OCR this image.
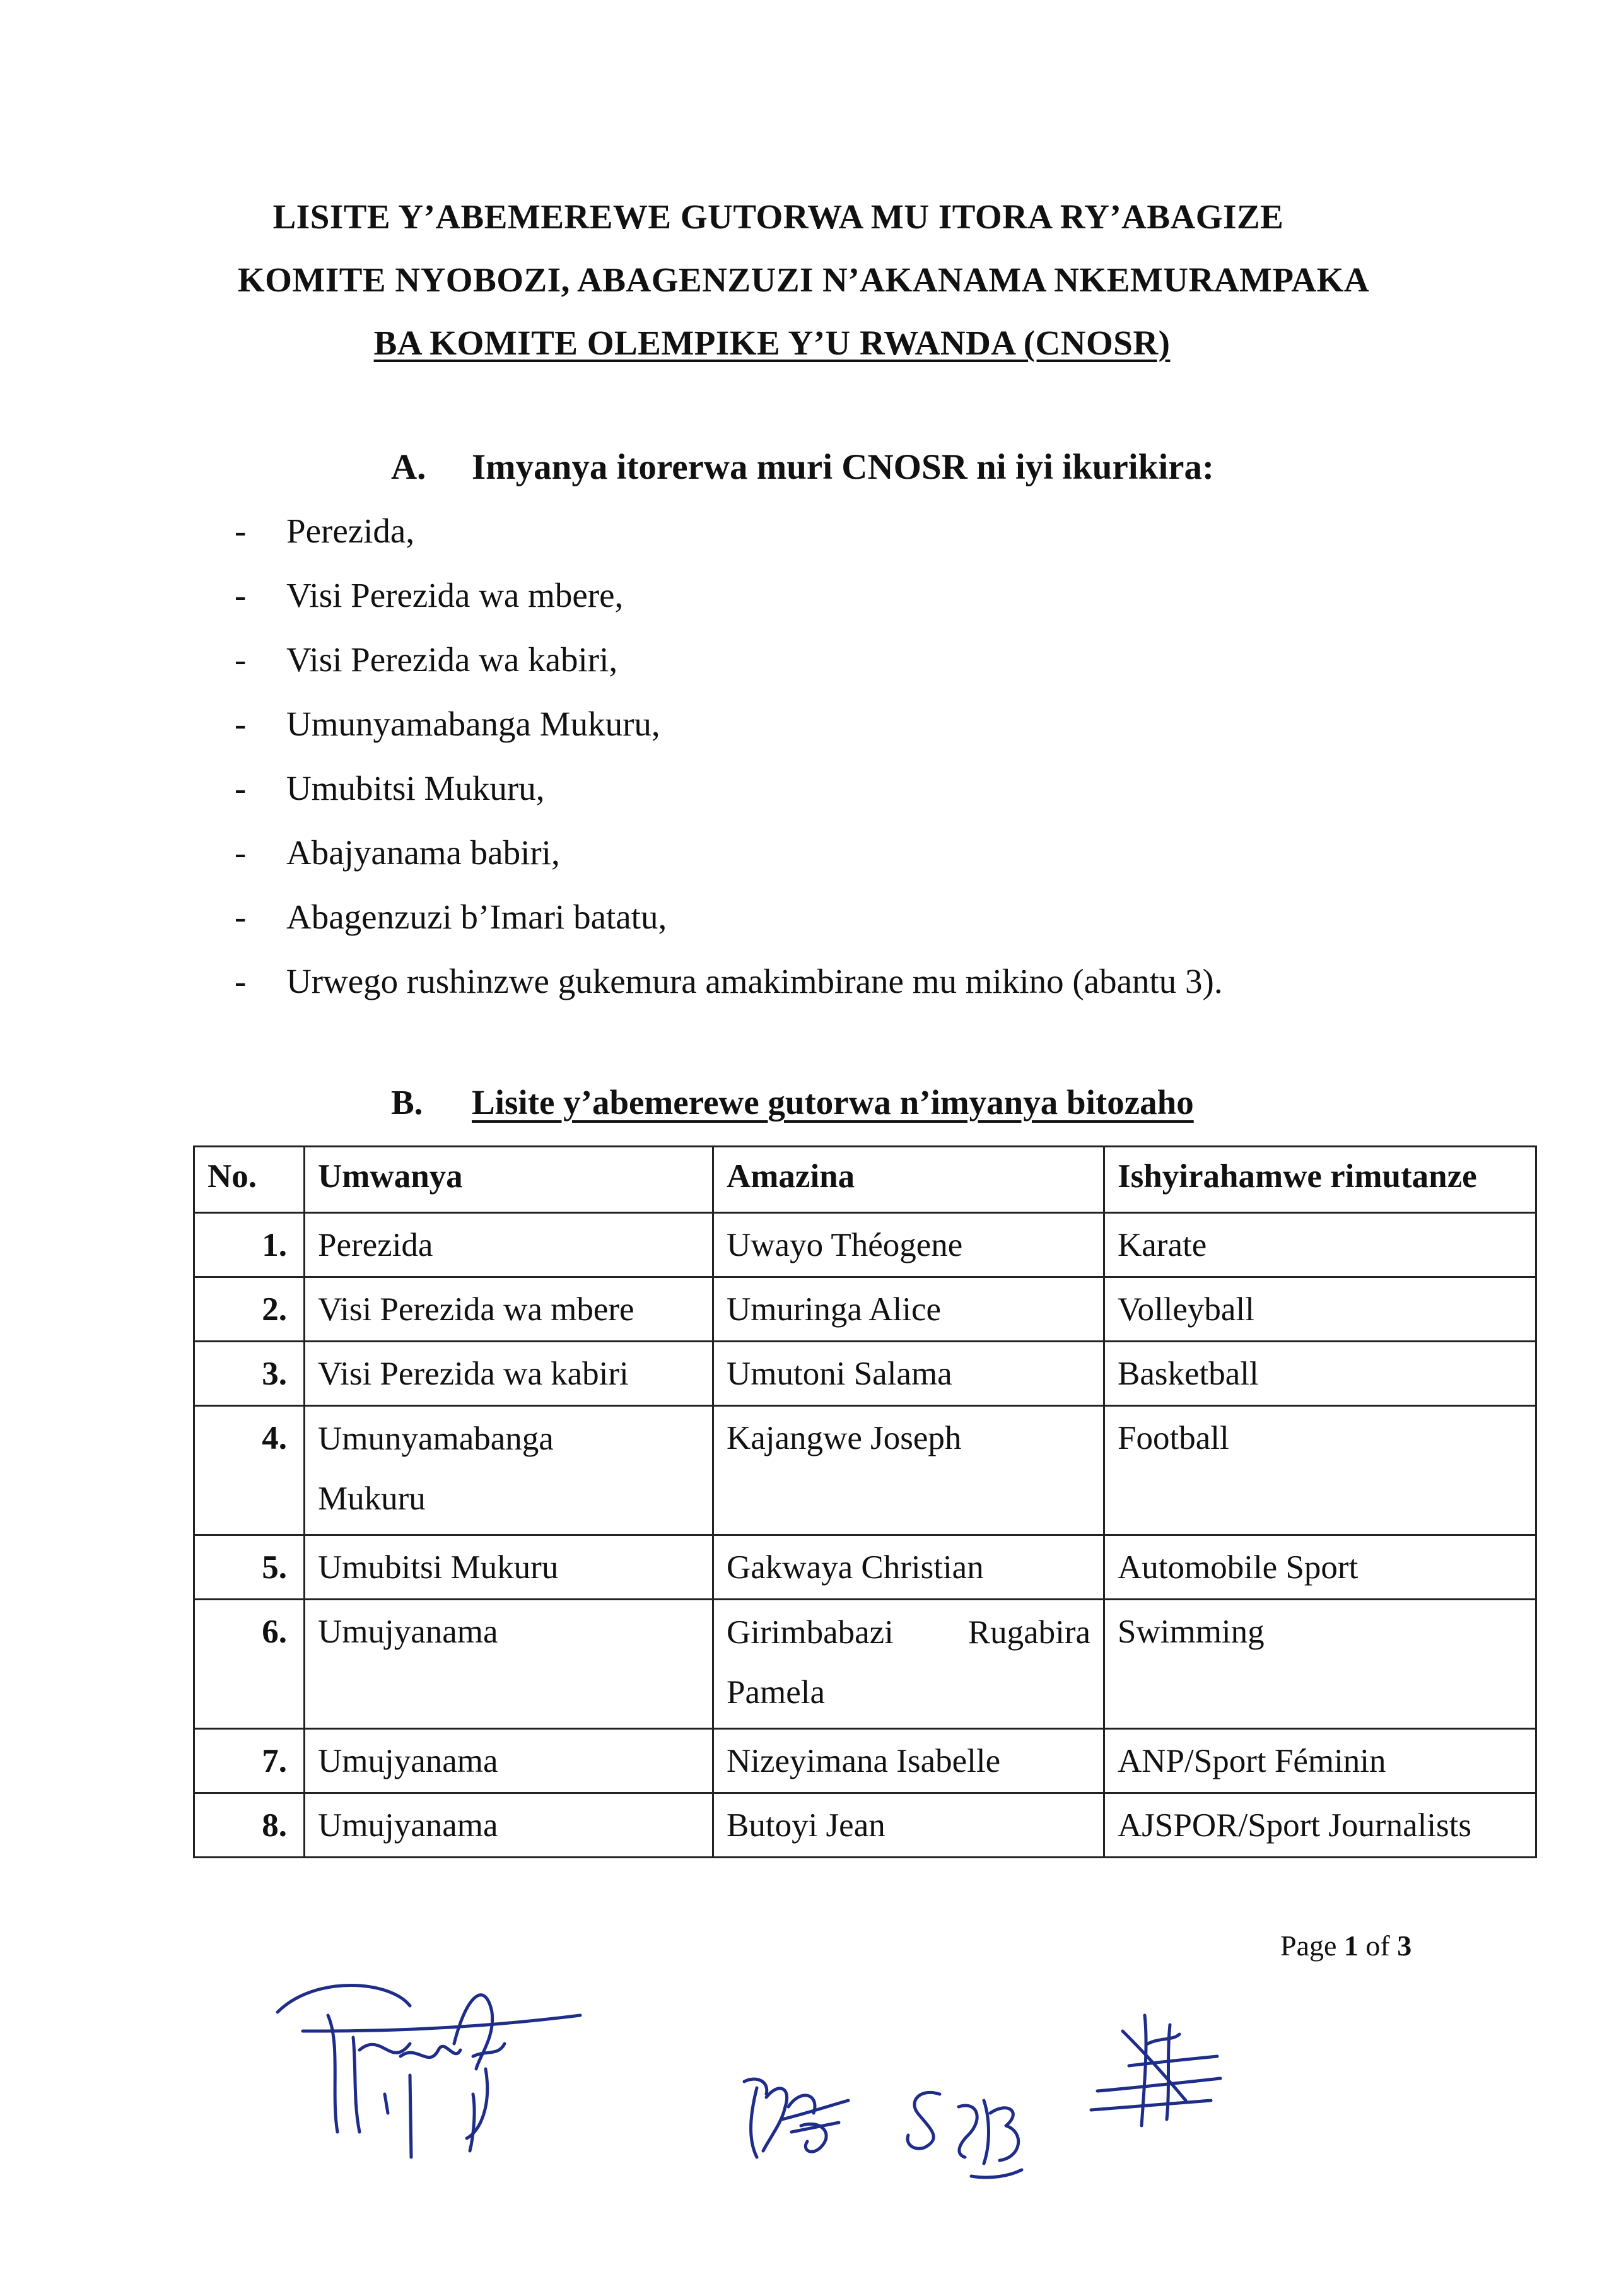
LISITE Y’ABEMEREWE GUTORWA MU ITORA RY’ABAGIZE
KOMITE NYOBOZI, ABAGENZUZI N’AKANAMA NKEMURAMPAKA
BA KOMITE OLEMPIKE Y’U RWANDA (CNOSR)
A. Imyanya itorerwa muri CNOSR ni iyi ikurikira:
- Perezida,
- Visi Perezida wa mbere,
- Visi Perezida wa kabiri,
- Umunyamabanga Mukuru,
- Umubitsi Mukuru,
- Abajyanama babiri,
- Abagenzuzi b’Imari batatu,
- Urwego rushinzwe gukemura amakimbirane mu mikino (abantu 3).
B. Lisite y’abemerewe gutorwa n’imyanya bitozaho
No.	Umwanya	Amazina	Ishyirahamwe rimutanze
1.	Perezida	Uwayo Théogene	Karate
2.	Visi Perezida wa mbere	Umuringa Alice	Volleyball
3.	Visi Perezida wa kabiri	Umutoni Salama	Basketball
4.	Umunyamabanga Mukuru	Kajangwe Joseph	Football
5.	Umubitsi Mukuru	Gakwaya Christian	Automobile Sport
6.	Umujyanama	Girimbabazi Rugabira Pamela	Swimming
7.	Umujyanama	Nizeyimana Isabelle	ANP/Sport Féminin
8.	Umujyanama	Butoyi Jean	AJSPOR/Sport Journalists
Page 1 of 3
